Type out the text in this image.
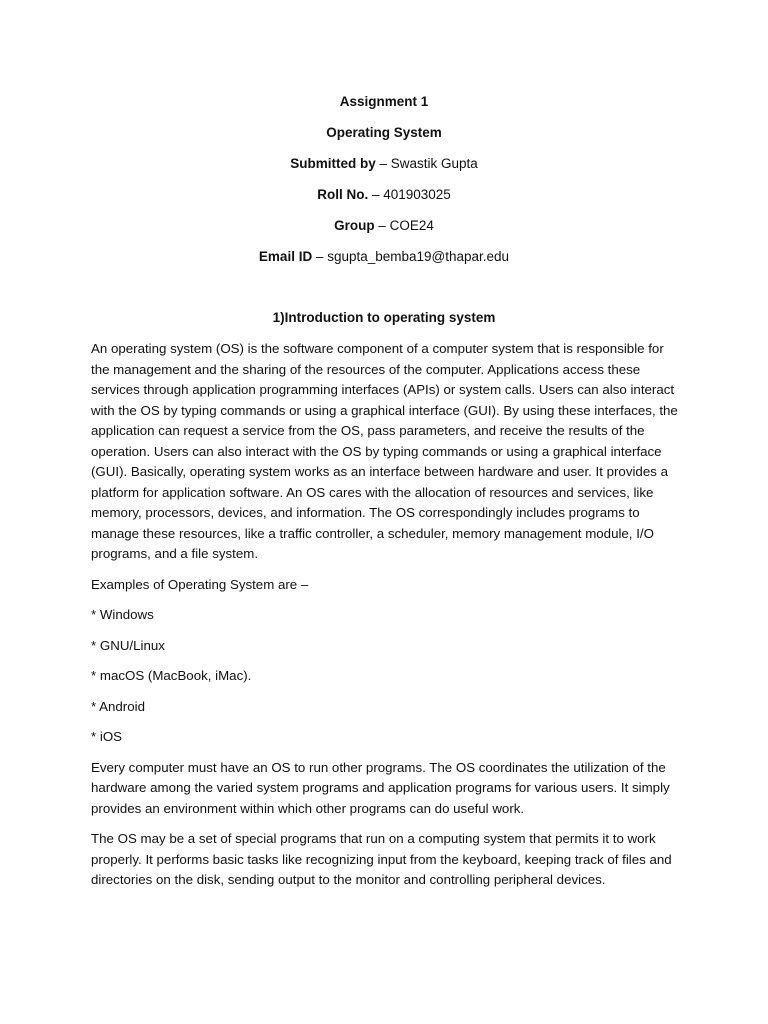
Assignment 1
Operating System
Submitted by – Swastik Gupta
Roll No. – 401903025
Group – COE24
Email ID – sgupta_bemba19@thapar.edu
1)Introduction to operating system

An operating system (OS) is the software component of a computer system that is responsible for the management and the sharing of the resources of the computer. Applications access these services through application programming interfaces (APIs) or system calls. Users can also interact with the OS by typing commands or using a graphical interface (GUI). By using these interfaces, the application can request a service from the OS, pass parameters, and receive the results of the operation. Users can also interact with the OS by typing commands or using a graphical interface (GUI). Basically, operating system works as an interface between hardware and user. It provides a platform for application software. An OS cares with the allocation of resources and services, like memory, processors, devices, and information. The OS correspondingly includes programs to manage these resources, like a traffic controller, a scheduler, memory management module, I/O programs, and a file system.

Examples of Operating System are –

* Windows

* GNU/Linux

* macOS (MacBook, iMac).

* Android

* iOS

Every computer must have an OS to run other programs. The OS coordinates the utilization of the hardware among the varied system programs and application programs for various users. It simply provides an environment within which other programs can do useful work.

The OS may be a set of special programs that run on a computing system that permits it to work properly. It performs basic tasks like recognizing input from the keyboard, keeping track of files and directories on the disk, sending output to the monitor and controlling peripheral devices.
